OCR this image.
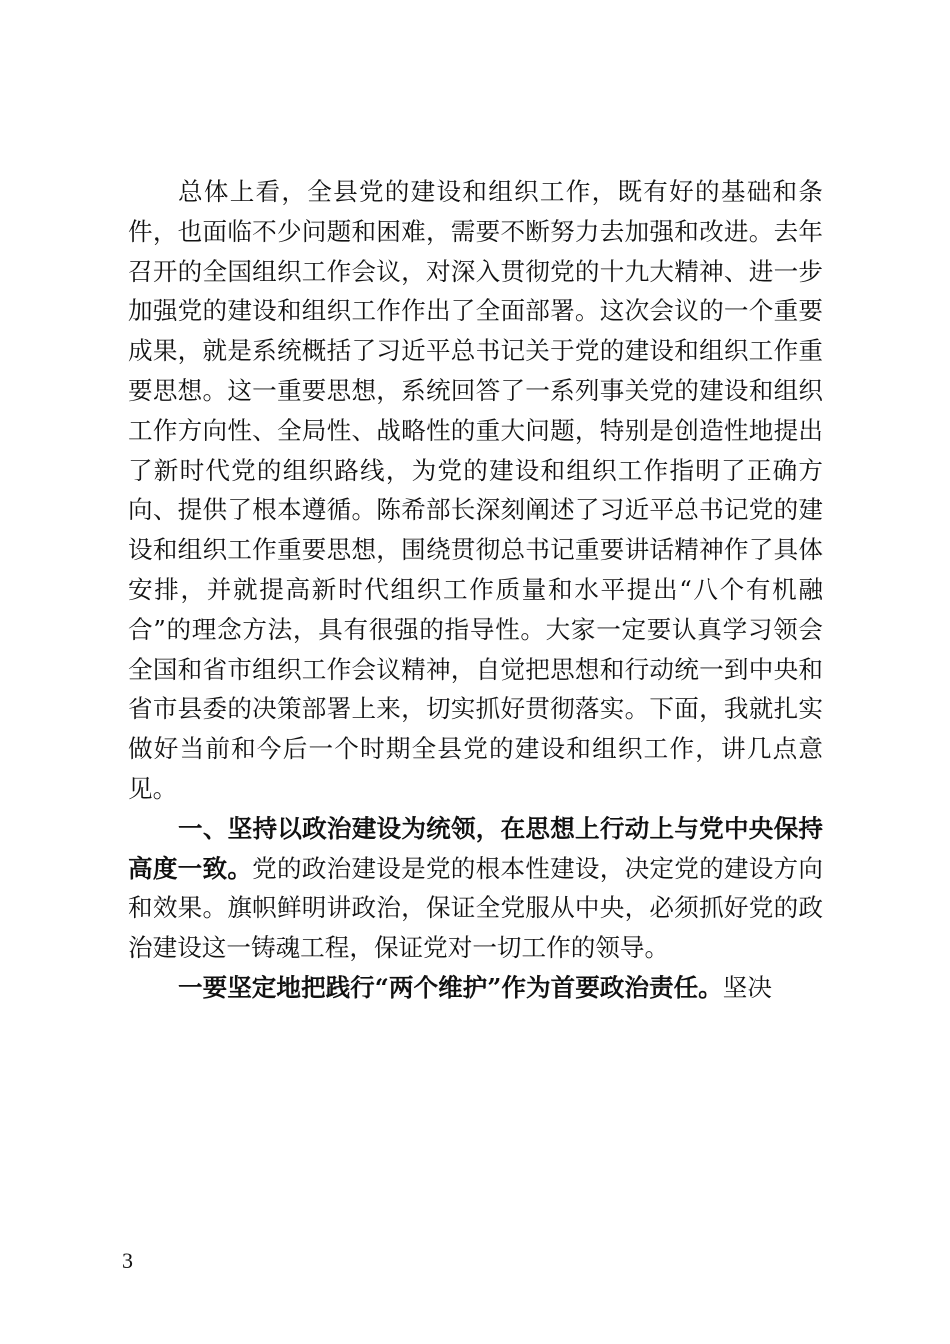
总体上看，全县党的建设和组织工作，既有好的基础和条件，也面临不少问题和困难，需要不断努力去加强和改进。去年召开的全国组织工作会议，对深入贯彻党的十九大精神、进一步加强党的建设和组织工作作出了全面部署。这次会议的一个重要成果，就是系统概括了习近平总书记关于党的建设和组织工作重要思想。这一重要思想，系统回答了一系列事关党的建设和组织工作方向性、全局性、战略性的重大问题，特别是创造性地提出了新时代党的组织路线，为党的建设和组织工作指明了正确方向、提供了根本遵循。陈希部长深刻阐述了习近平总书记党的建设和组织工作重要思想，围绕贯彻总书记重要讲话精神作了具体安排，并就提高新时代组织工作质量和水平提出“八个有机融合”的理念方法，具有很强的指导性。大家一定要认真学习领会全国和省市组织工作会议精神，自觉把思想和行动统一到中央和省市县委的决策部署上来，切实抓好贯彻落实。下面，我就扎实做好当前和今后一个时期全县党的建设和组织工作，讲几点意见。

一、坚持以政治建设为统领，在思想上行动上与党中央保持高度一致。党的政治建设是党的根本性建设，决定党的建设方向和效果。旗帜鲜明讲政治，保证全党服从中央，必须抓好党的政治建设这一铸魂工程，保证党对一切工作的领导。

一要坚定地把践行“两个维护”作为首要政治责任。坚决

3
